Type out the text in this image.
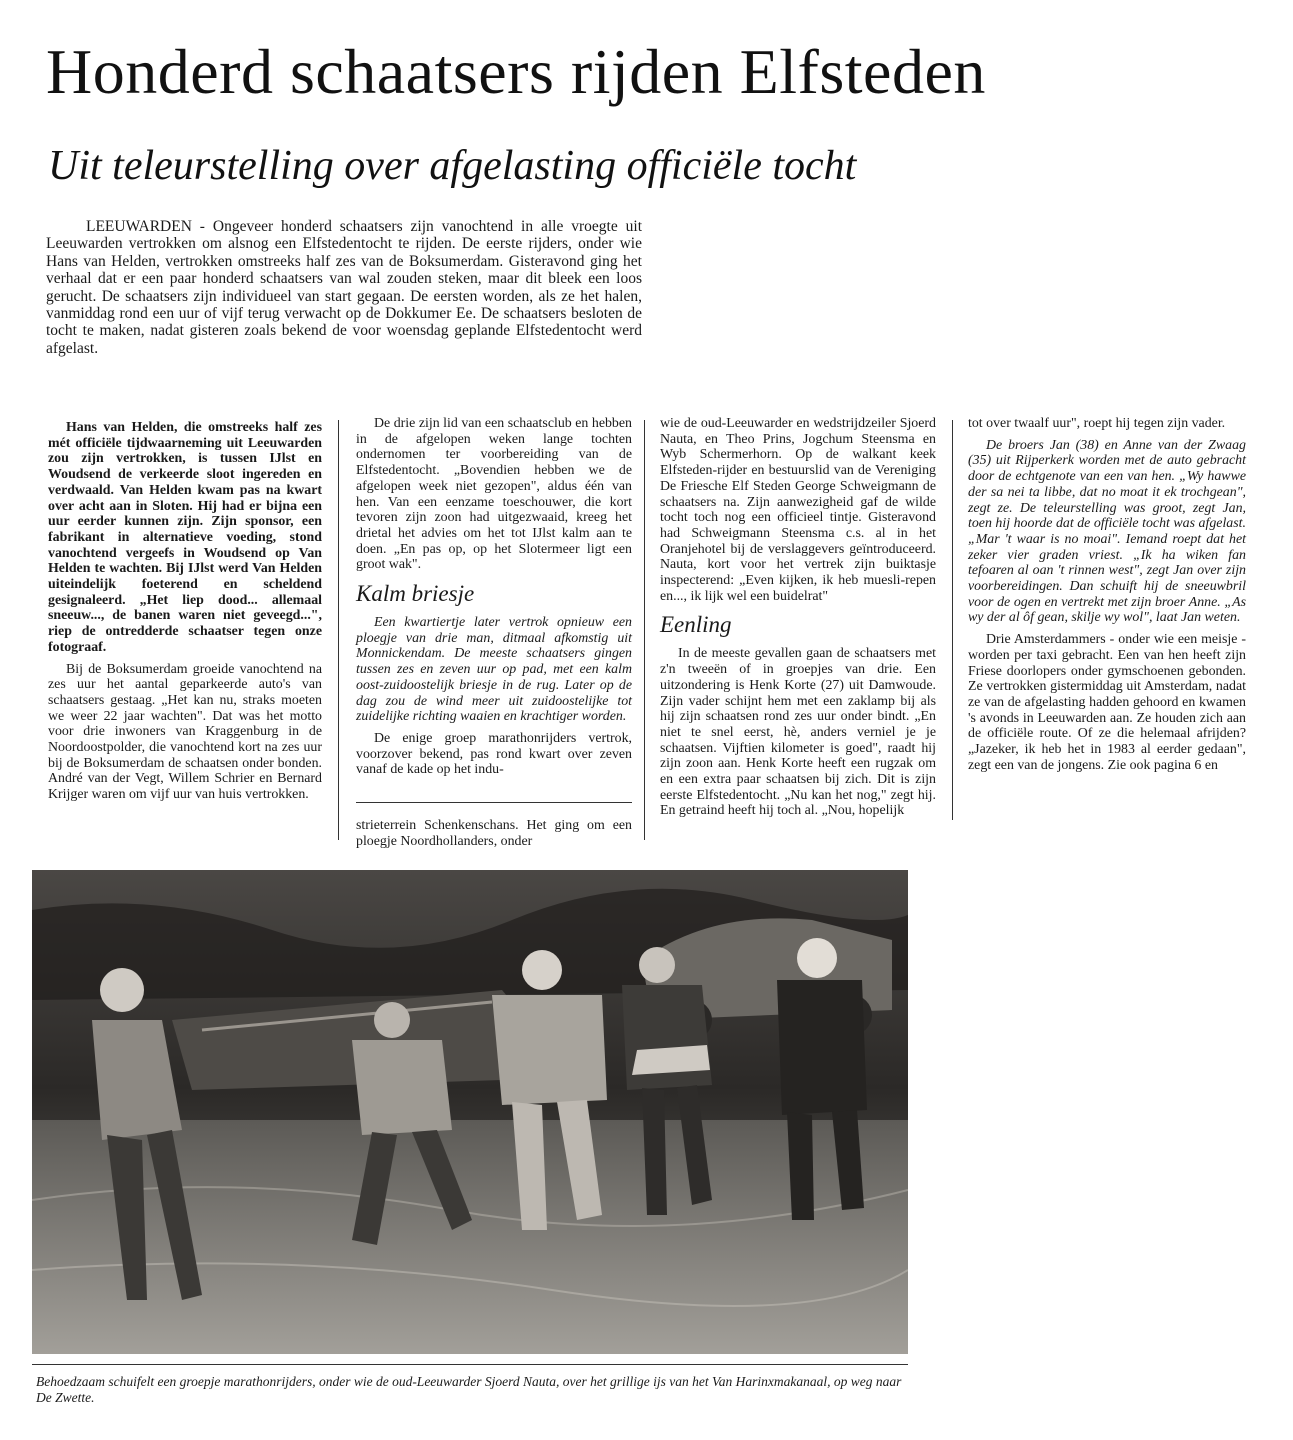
Honderd schaatsers rijden Elfsteden
Uit teleurstelling over afgelasting officiële tocht
LEEUWARDEN - Ongeveer honderd schaatsers zijn vanochtend in alle vroegte uit Leeuwarden vertrokken om alsnog een Elfstedentocht te rijden. De eerste rijders, onder wie Hans van Helden, vertrokken omstreeks half zes van de Boksumerdam. Gisteravond ging het verhaal dat er een paar honderd schaatsers van wal zouden steken, maar dit bleek een loos gerucht. De schaatsers zijn individueel van start gegaan. De eersten worden, als ze het halen, vanmiddag rond een uur of vijf terug verwacht op de Dokkumer Ee. De schaatsers besloten de tocht te maken, nadat gisteren zoals bekend de voor woensdag geplande Elfstedentocht werd afgelast.

Hans van Helden, die omstreeks half zes mét officiële tijdwaarneming uit Leeuwarden zou zijn vertrokken, is tussen IJlst en Woudsend de verkeerde sloot ingereden en verdwaald. Van Helden kwam pas na kwart over acht aan in Sloten. Hij had er bijna een uur eerder kunnen zijn. Zijn sponsor, een fabrikant in alternatieve voeding, stond vanochtend vergeefs in Woudsend op Van Helden te wachten. Bij IJlst werd Van Helden uiteindelijk foeterend en scheldend gesignaleerd. „Het liep dood... allemaal sneeuw..., de banen waren niet geveegd...", riep de ontredderde schaatser tegen onze fotograaf.

Bij de Boksumerdam groeide vanochtend na zes uur het aantal geparkeerde auto's van schaatsers gestaag. „Het kan nu, straks moeten we weer 22 jaar wachten". Dat was het motto voor drie inwoners van Kraggenburg in de Noordoostpolder, die vanochtend kort na zes uur bij de Boksumerdam de schaatsen onder bonden. André van der Vegt, Willem Schrier en Bernard Krijger waren om vijf uur van huis vertrokken.

De drie zijn lid van een schaatsclub en hebben in de afgelopen weken lange tochten ondernomen ter voorbereiding van de Elfstedentocht. „Bovendien hebben we de afgelopen week niet gezopen", aldus één van hen. Van een eenzame toeschouwer, die kort tevoren zijn zoon had uitgezwaaid, kreeg het drietal het advies om het tot IJlst kalm aan te doen. „En pas op, op het Slotermeer ligt een groot wak".

Kalm briesje

Een kwartiertje later vertrok opnieuw een ploegje van drie man, ditmaal afkomstig uit Monnickendam. De meeste schaatsers gingen tussen zes en zeven uur op pad, met een kalm oost-zuidoostelijk briesje in de rug. Later op de dag zou de wind meer uit zuidoostelijke tot zuidelijke richting waaien en krachtiger worden.

De enige groep marathonrijders vertrok, voorzover bekend, pas rond kwart over zeven vanaf de kade op het indu-

strieterrein Schenkenschans. Het ging om een ploegje Noordhollanders, onder

wie de oud-Leeuwarder en wedstrijdzeiler Sjoerd Nauta, en Theo Prins, Jogchum Steensma en Wyb Schermerhorn. Op de walkant keek Elfsteden-rijder en bestuurslid van de Vereniging De Friesche Elf Steden George Schweigmann de schaatsers na. Zijn aanwezigheid gaf de wilde tocht toch nog een officieel tintje. Gisteravond had Schweigmann Steensma c.s. al in het Oranjehotel bij de verslaggevers geïntroduceerd. Nauta, kort voor het vertrek zijn buiktasje inspecterend: „Even kijken, ik heb muesli-repen en..., ik lijk wel een buidelrat"

Eenling

In de meeste gevallen gaan de schaatsers met z'n tweeën of in groepjes van drie. Een uitzondering is Henk Korte (27) uit Damwoude. Zijn vader schijnt hem met een zaklamp bij als hij zijn schaatsen rond zes uur onder bindt. „En niet te snel eerst, hè, anders verniel je je schaatsen. Vijftien kilometer is goed", raadt hij zijn zoon aan. Henk Korte heeft een rugzak om en een extra paar schaatsen bij zich. Dit is zijn eerste Elfstedentocht. „Nu kan het nog," zegt hij. En getraind heeft hij toch al. „Nou, hopelijk

tot over twaalf uur", roept hij tegen zijn vader.

De broers Jan (38) en Anne van der Zwaag (35) uit Rijperkerk worden met de auto gebracht door de echtgenote van een van hen. „Wy hawwe der sa nei ta libbe, dat no moat it ek trochgean", zegt ze. De teleurstelling was groot, zegt Jan, toen hij hoorde dat de officiële tocht was afgelast. „Mar 't waar is no moai". Iemand roept dat het zeker vier graden vriest. „Ik ha wiken fan tefoaren al oan 't rinnen west", zegt Jan over zijn voorbereidingen. Dan schuift hij de sneeuwbril voor de ogen en vertrekt met zijn broer Anne. „As wy der al ôf gean, skilje wy wol", laat Jan weten.

Drie Amsterdammers - onder wie een meisje - worden per taxi gebracht. Een van hen heeft zijn Friese doorlopers onder gymschoenen gebonden. Ze vertrokken gistermiddag uit Amsterdam, nadat ze van de afgelasting hadden gehoord en kwamen 's avonds in Leeuwarden aan. Ze houden zich aan de officiële route. Of ze die helemaal afrijden? „Jazeker, ik heb het in 1983 al eerder gedaan", zegt een van de jongens. Zie ook pagina 6 en

Behoedzaam schuifelt een groepje marathonrijders, onder wie de oud-Leeuwarder Sjoerd Nauta, over het grillige ijs van het Van Harinxmakanaal, op weg naar De Zwette.
